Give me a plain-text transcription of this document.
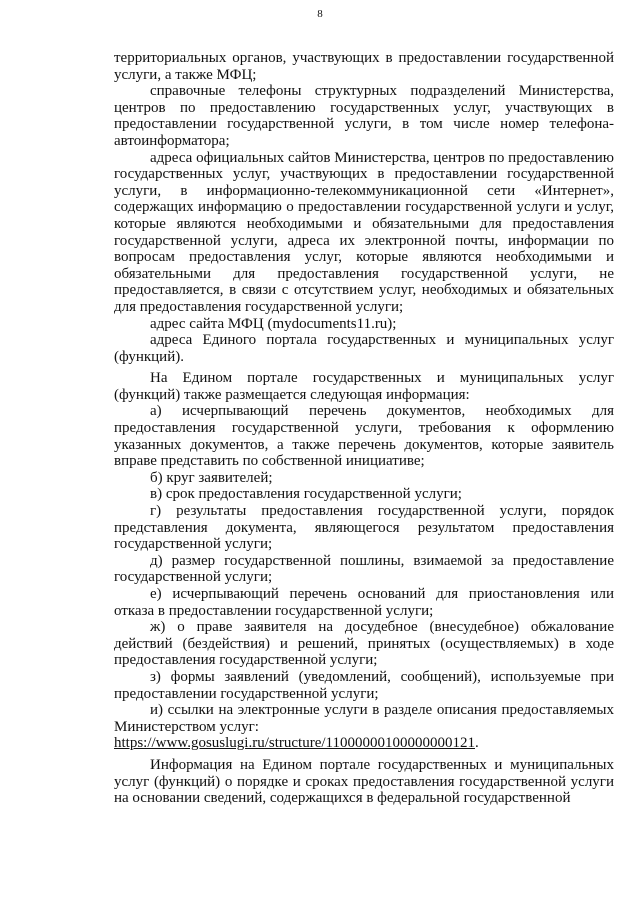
8

территориальных органов, участвующих в предоставлении государственной услуги, а также МФЦ;

справочные телефоны структурных подразделений Министерства, центров по предоставлению государственных услуг, участвующих в предоставлении государственной услуги, в том числе номер телефона-автоинформатора;

адреса официальных сайтов Министерства, центров по предоставлению государственных услуг, участвующих в предоставлении государственной услуги, в информационно-телекоммуникационной сети «Интернет», содержащих информацию о предоставлении государственной услуги и услуг, которые являются необходимыми и обязательными для предоставления государственной услуги, адреса их электронной почты, информации по вопросам предоставления услуг, которые являются необходимыми и обязательными для предоставления государственной услуги, не предоставляется, в связи с отсутствием услуг, необходимых и обязательных для предоставления государственной услуги;

адрес сайта МФЦ (mydocuments11.ru);

адреса Единого портала государственных и муниципальных услуг (функций).

На Едином портале государственных и муниципальных услуг (функций) также размещается следующая информация:

а) исчерпывающий перечень документов, необходимых для предоставления государственной услуги, требования к оформлению указанных документов, а также перечень документов, которые заявитель вправе представить по собственной инициативе;

б) круг заявителей;

в) срок предоставления государственной услуги;

г) результаты предоставления государственной услуги, порядок представления документа, являющегося результатом предоставления государственной услуги;

д) размер государственной пошлины, взимаемой за предоставление государственной услуги;

е) исчерпывающий перечень оснований для приостановления или отказа в предоставлении государственной услуги;

ж) о праве заявителя на досудебное (внесудебное) обжалование действий (бездействия) и решений, принятых (осуществляемых) в ходе предоставления государственной услуги;

з) формы заявлений (уведомлений, сообщений), используемые при предоставлении государственной услуги;

и) ссылки на электронные услуги в разделе описания предоставляемых Министерством услуг:

https://www.gosuslugi.ru/structure/11000000100000000121.

Информация на Едином портале государственных и муниципальных услуг (функций) о порядке и сроках предоставления государственной услуги на основании сведений, содержащихся в федеральной государственной
